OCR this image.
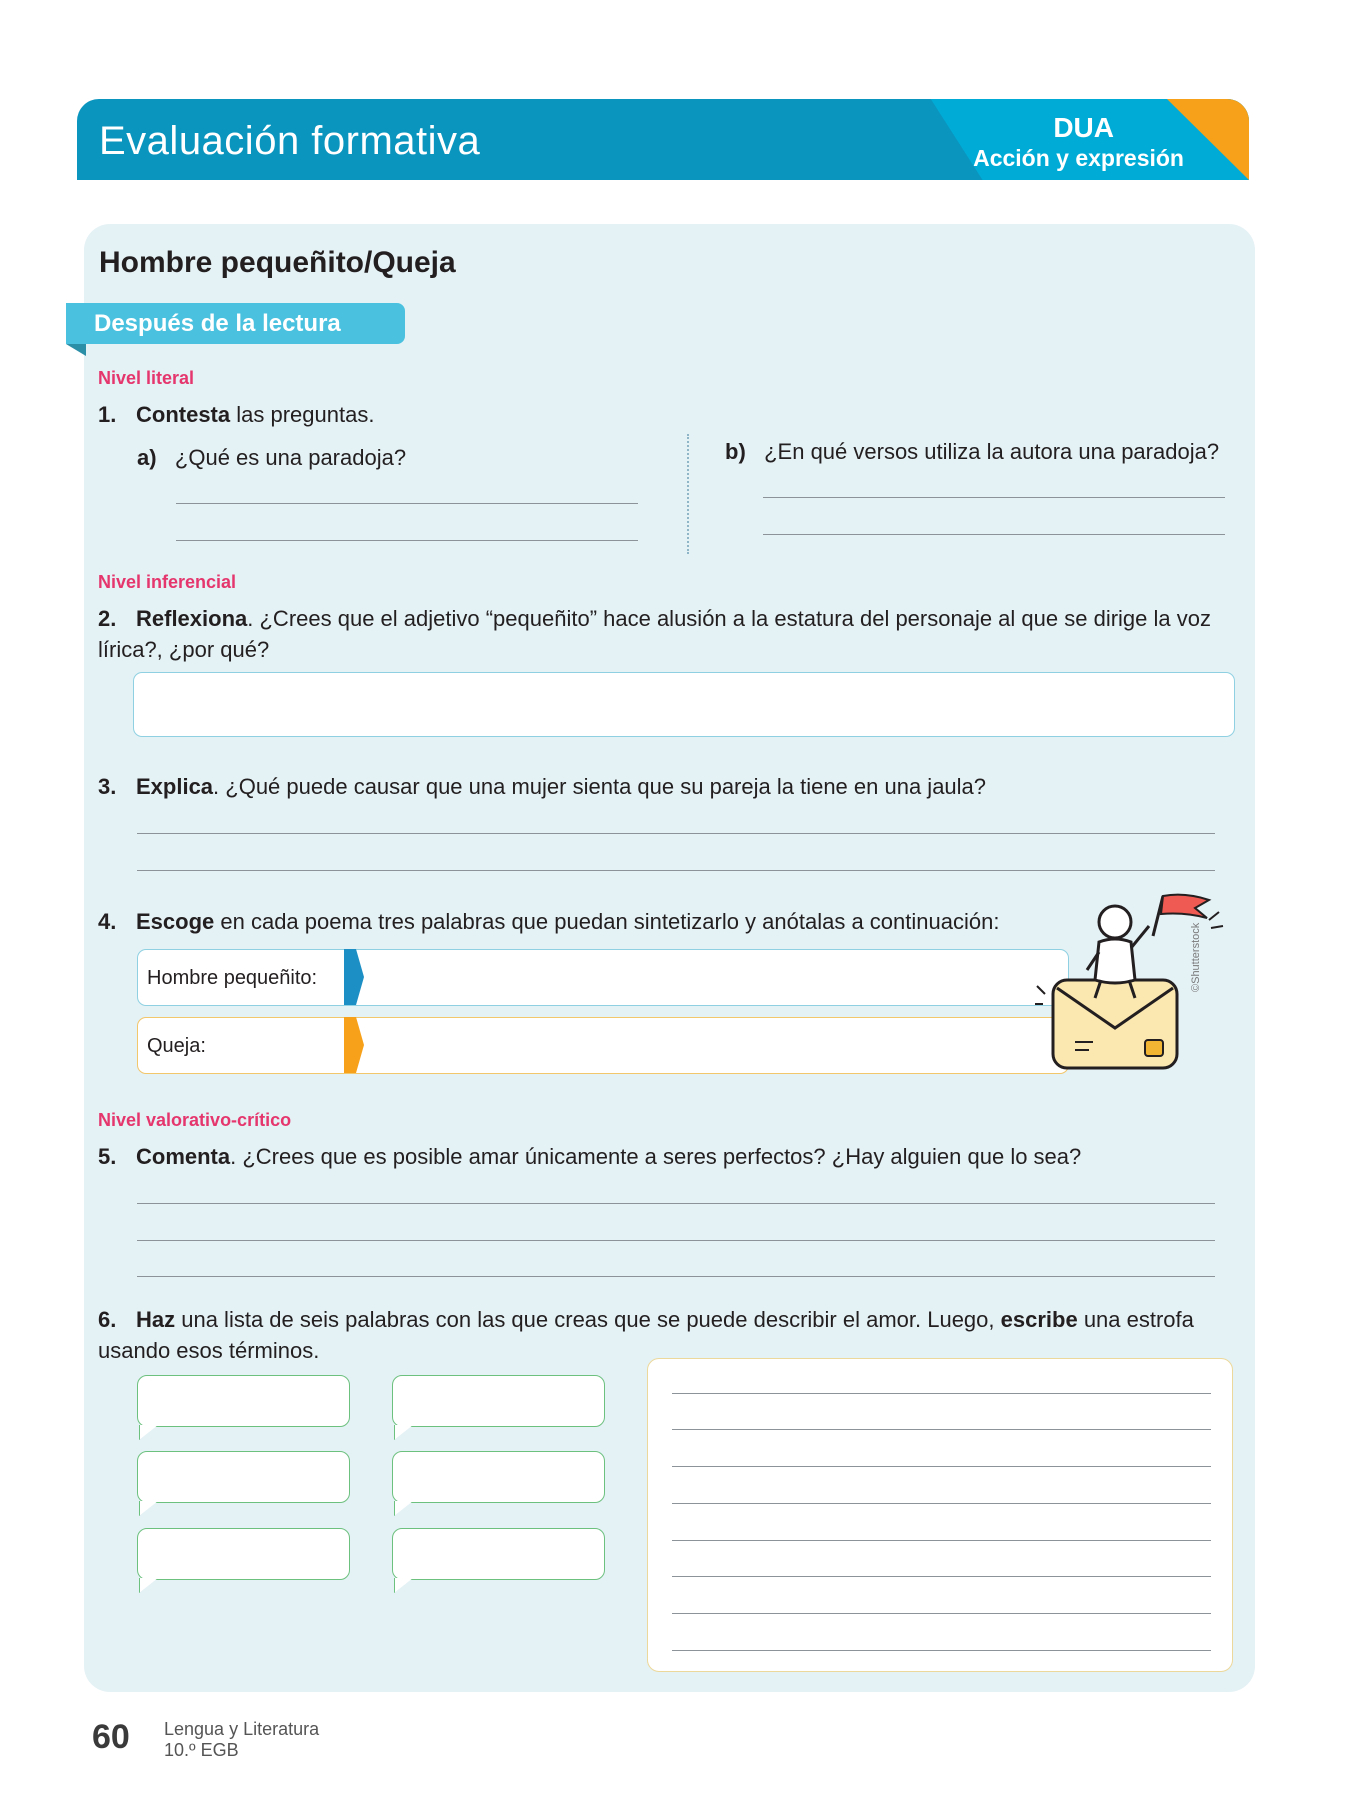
Evaluación formativa	DUA
Acción y expresión
Hombre pequeñito/Queja
Después de la lectura
Nivel literal
1. Contesta las preguntas.
a) ¿Qué es una paradoja?	b) ¿En qué versos utiliza la autora una paradoja?
Nivel inferencial
2. Reflexiona. ¿Crees que el adjetivo “pequeñito” hace alusión a la estatura del personaje al que se dirige la voz lírica?, ¿por qué?
3. Explica. ¿Qué puede causar que una mujer sienta que su pareja la tiene en una jaula?
4. Escoge en cada poema tres palabras que puedan sintetizarlo y anótalas a continuación:
Hombre pequeñito:
Queja:
©Shutterstock
Nivel valorativo-crítico
5. Comenta. ¿Crees que es posible amar únicamente a seres perfectos? ¿Hay alguien que lo sea?
6. Haz una lista de seis palabras con las que creas que se puede describir el amor. Luego, escribe una estrofa usando esos términos.
60 Lengua y Literatura
10.º EGB
